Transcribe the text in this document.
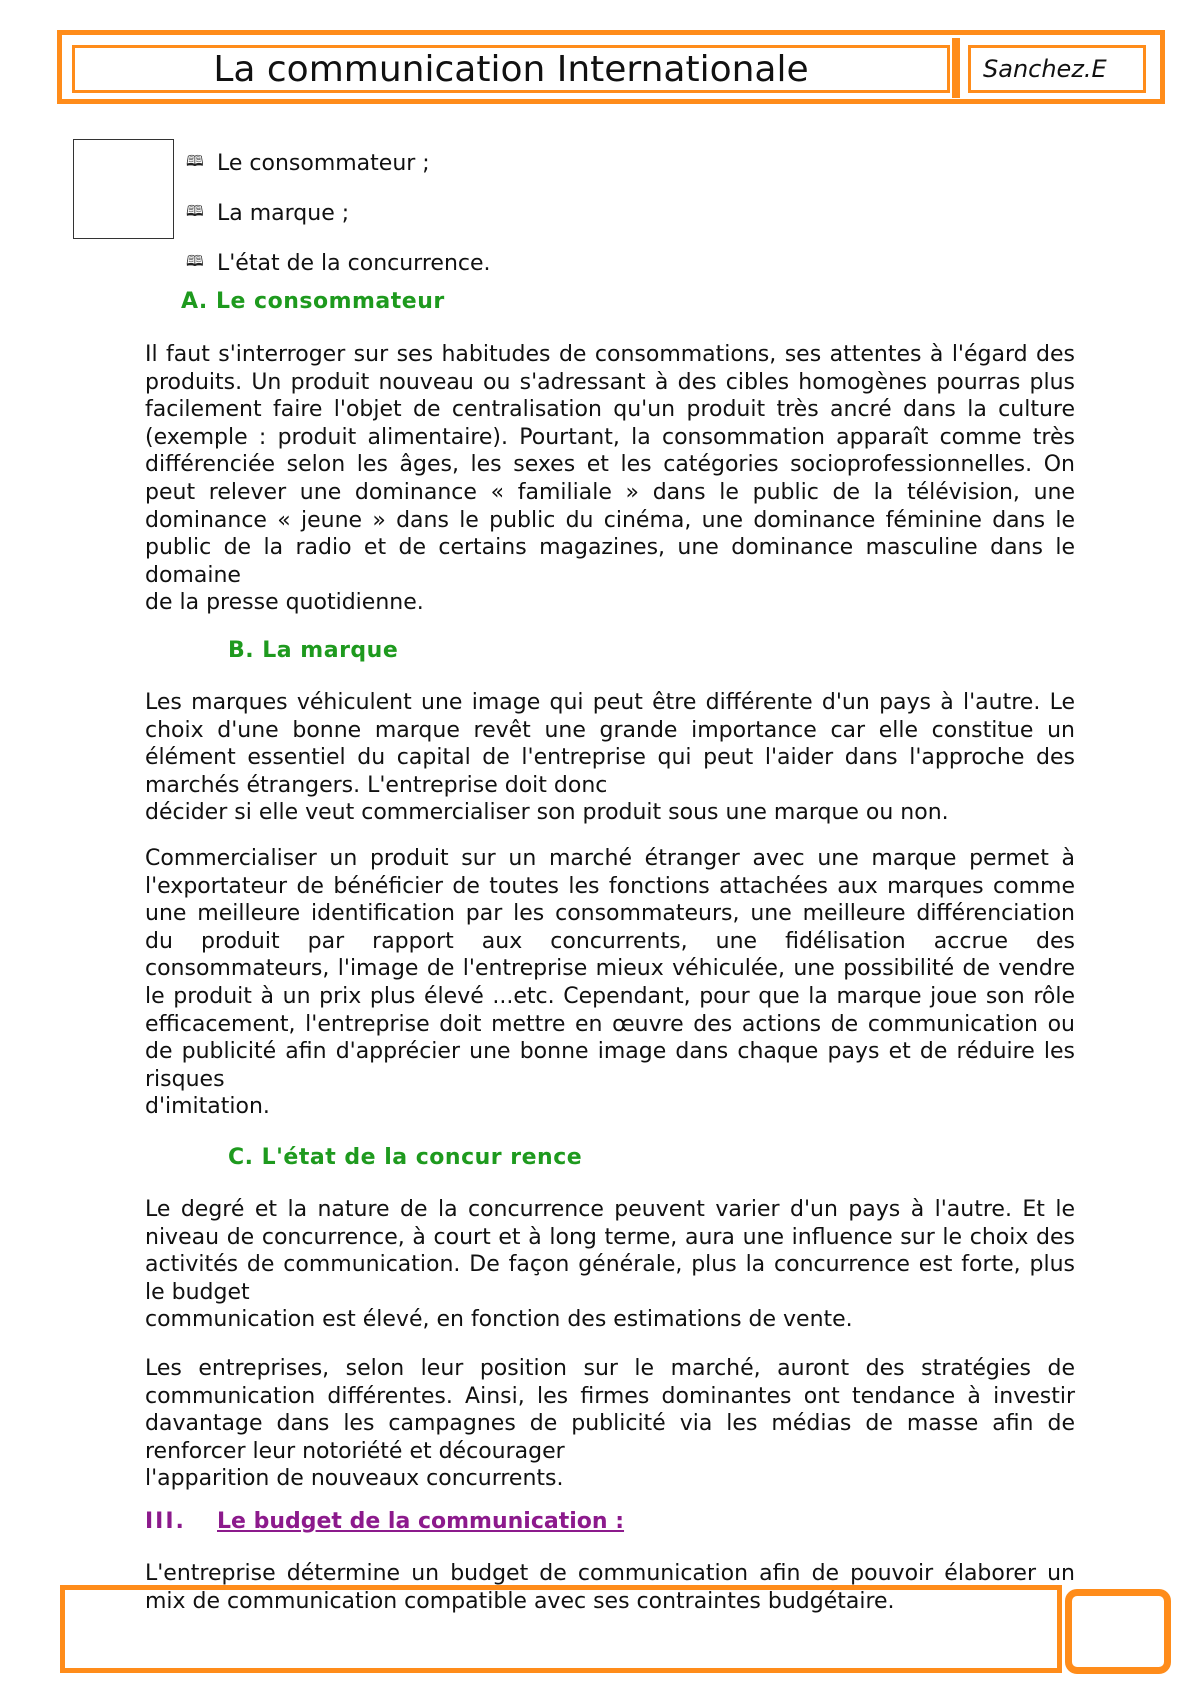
La communication Internationale	Sanchez.E
🕮 Le consommateur ;
🕮 La marque ;
🕮 L'état de la concurrence.
A. Le consommateur
Il faut s'interroger sur ses habitudes de consommations, ses attentes à l'égard des produits. Un produit nouveau ou s'adressant à des cibles homogènes pourras plus facilement faire l'objet de centralisation qu'un produit très ancré dans la culture (exemple : produit alimentaire). Pourtant, la consommation apparaît comme très différenciée selon les âges, les sexes et les catégories socioprofessionnelles. On peut relever une dominance « familiale » dans le public de la télévision, une dominance « jeune » dans le public du cinéma, une dominance féminine dans le public de la radio et de certains magazines, une dominance masculine dans le domaine
de la presse quotidienne.
B. La marque
Les marques véhiculent une image qui peut être différente d'un pays à l'autre. Le choix d'une bonne marque revêt une grande importance car elle constitue un élément essentiel du capital de l'entreprise qui peut l'aider dans l'approche des marchés étrangers. L'entreprise doit donc
décider si elle veut commercialiser son produit sous une marque ou non.
Commercialiser un produit sur un marché étranger avec une marque permet à l'exportateur de bénéficier de toutes les fonctions attachées aux marques comme une meilleure identification par les consommateurs, une meilleure différenciation du produit par rapport aux concurrents, une fidélisation accrue des consommateurs, l'image de l'entreprise mieux véhiculée, une possibilité de vendre le produit à un prix plus élevé ...etc. Cependant, pour que la marque joue son rôle efficacement, l'entreprise doit mettre en œuvre des actions de communication ou de publicité afin d'apprécier une bonne image dans chaque pays et de réduire les risques
d'imitation.
C. L'état de la concur rence
Le degré et la nature de la concurrence peuvent varier d'un pays à l'autre. Et le niveau de concurrence, à court et à long terme, aura une influence sur le choix des activités de communication. De façon générale, plus la concurrence est forte, plus le budget
communication est élevé, en fonction des estimations de vente.
Les entreprises, selon leur position sur le marché, auront des stratégies de communication différentes. Ainsi, les firmes dominantes ont tendance à investir davantage dans les campagnes de publicité via les médias de masse afin de renforcer leur notoriété et décourager
l'apparition de nouveaux concurrents.
III. Le budget de la communication :
L'entreprise détermine un budget de communication afin de pouvoir élaborer un mix de communication compatible avec ses contraintes budgétaire.
